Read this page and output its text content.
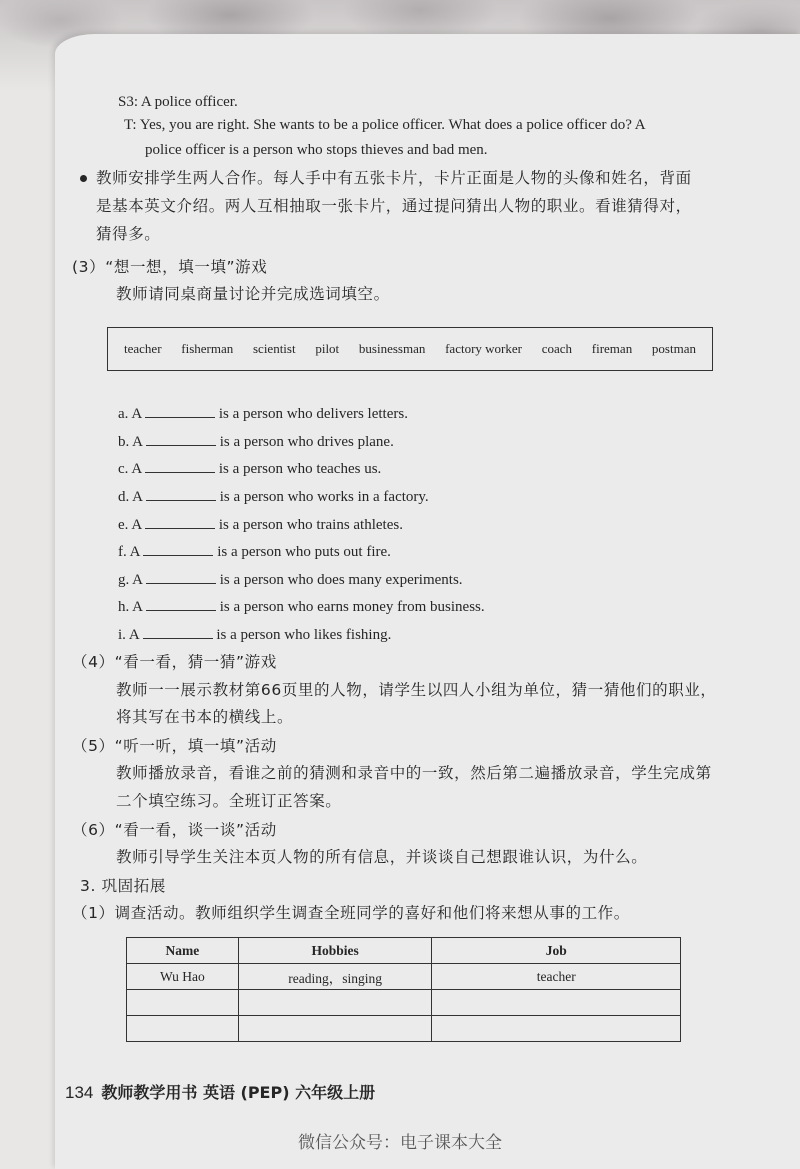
S3: A police officer.
T: Yes, you are right. She wants to be a police officer. What does a police officer do? A
police officer is a person who stops thieves and bad men.
教师安排学生两人合作。每人手中有五张卡片，卡片正面是人物的头像和姓名，背面
是基本英文介绍。两人互相抽取一张卡片，通过提问猜出人物的职业。看谁猜得对，
猜得多。
(3）“想一想，填一填”游戏
教师请同桌商量讨论并完成选词填空。
teacher fisherman scientist pilot businessman factory worker coach fireman postman
a. A	is a person who delivers letters.
b. A	is a person who drives plane.
c. A	is a person who teaches us.
d. A	is a person who works in a factory.
e. A	is a person who trains athletes.
f. A	is a person who puts out fire.
g. A	is a person who does many experiments.
h. A	is a person who earns money from business.
i. A	is a person who likes fishing.
（4）“看一看，猜一猜”游戏
教师一一展示教材第66页里的人物，请学生以四人小组为单位，猜一猜他们的职业，
将其写在书本的横线上。
（5）“听一听，填一填”活动
教师播放录音，看谁之前的猜测和录音中的一致，然后第二遍播放录音，学生完成第
二个填空练习。全班订正答案。
（6）“看一看，谈一谈”活动
教师引导学生关注本页人物的所有信息，并谈谈自己想跟谁认识，为什么。
3. 巩固拓展
（1）调查活动。教师组织学生调查全班同学的喜好和他们将来想从事的工作。
Name	Hobbies	Job
Wu Hao	reading，singing	teacher

134 教师教学用书 英语 (PEP) 六年级上册
微信公众号：电子课本大全
